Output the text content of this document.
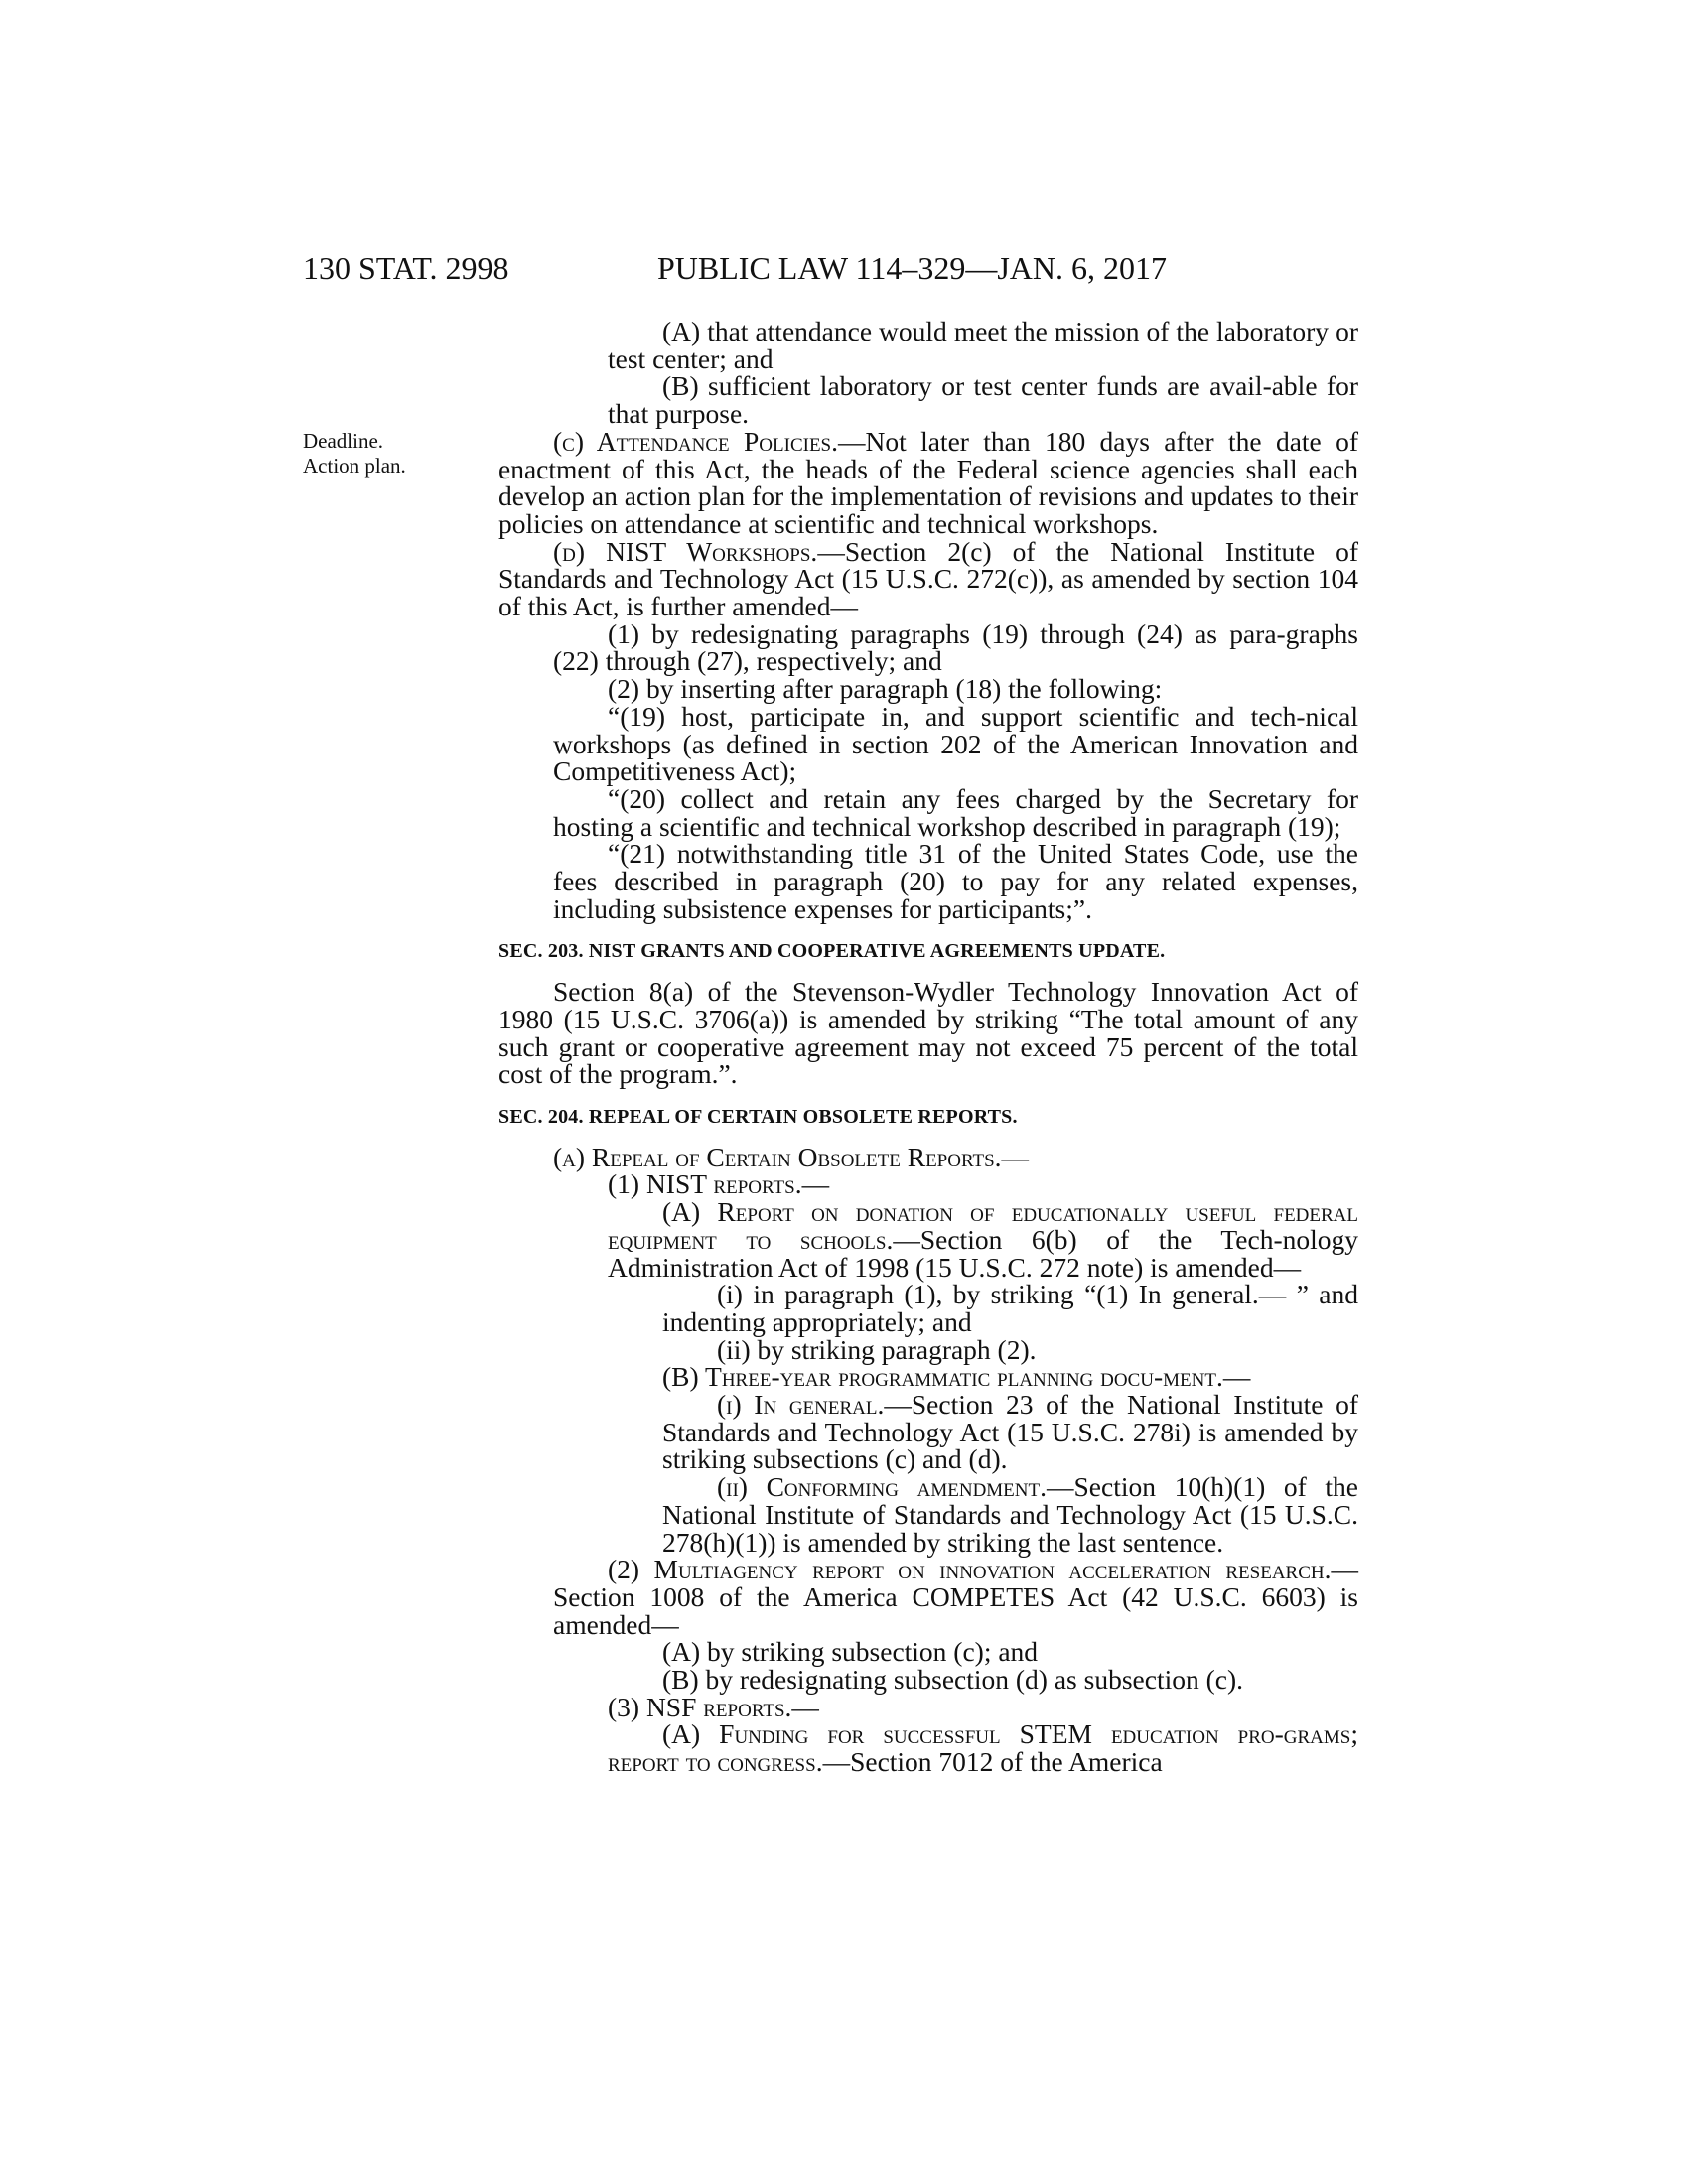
130 STAT. 2998	PUBLIC LAW 114–329—JAN. 6, 2017
Deadline.
Action plan.

(A) that attendance would meet the mission of the laboratory or test center; and

(B) sufficient laboratory or test center funds are avail-able for that purpose.

(c) Attendance Policies.—Not later than 180 days after the date of enactment of this Act, the heads of the Federal science agencies shall each develop an action plan for the implementation of revisions and updates to their policies on attendance at scientific and technical workshops.

(d) NIST Workshops.—Section 2(c) of the National Institute of Standards and Technology Act (15 U.S.C. 272(c)), as amended by section 104 of this Act, is further amended—

(1) by redesignating paragraphs (19) through (24) as para-graphs (22) through (27), respectively; and

(2) by inserting after paragraph (18) the following:

“(19) host, participate in, and support scientific and tech-nical workshops (as defined in section 202 of the American Innovation and Competitiveness Act);

“(20) collect and retain any fees charged by the Secretary for hosting a scientific and technical workshop described in paragraph (19);

“(21) notwithstanding title 31 of the United States Code, use the fees described in paragraph (20) to pay for any related expenses, including subsistence expenses for participants;”.

SEC. 203. NIST GRANTS AND COOPERATIVE AGREEMENTS UPDATE.

Section 8(a) of the Stevenson-Wydler Technology Innovation Act of 1980 (15 U.S.C. 3706(a)) is amended by striking “The total amount of any such grant or cooperative agreement may not exceed 75 percent of the total cost of the program.”.

SEC. 204. REPEAL OF CERTAIN OBSOLETE REPORTS.

(a) Repeal of Certain Obsolete Reports.—

(1) NIST reports.—

(A) Report on donation of educationally useful federal equipment to schools.—Section 6(b) of the Tech-nology Administration Act of 1998 (15 U.S.C. 272 note) is amended—

(i) in paragraph (1), by striking “(1) In general.— ” and indenting appropriately; and

(ii) by striking paragraph (2).

(B) Three-year programmatic planning docu-ment.—

(i) In general.—Section 23 of the National Institute of Standards and Technology Act (15 U.S.C. 278i) is amended by striking subsections (c) and (d).

(ii) Conforming amendment.—Section 10(h)(1) of the National Institute of Standards and Technology Act (15 U.S.C. 278(h)(1)) is amended by striking the last sentence.

(2) Multiagency report on innovation acceleration research.—Section 1008 of the America COMPETES Act (42 U.S.C. 6603) is amended—

(A) by striking subsection (c); and

(B) by redesignating subsection (d) as subsection (c).

(3) NSF reports.—

(A) Funding for successful STEM education pro-grams; report to congress.—Section 7012 of the America
